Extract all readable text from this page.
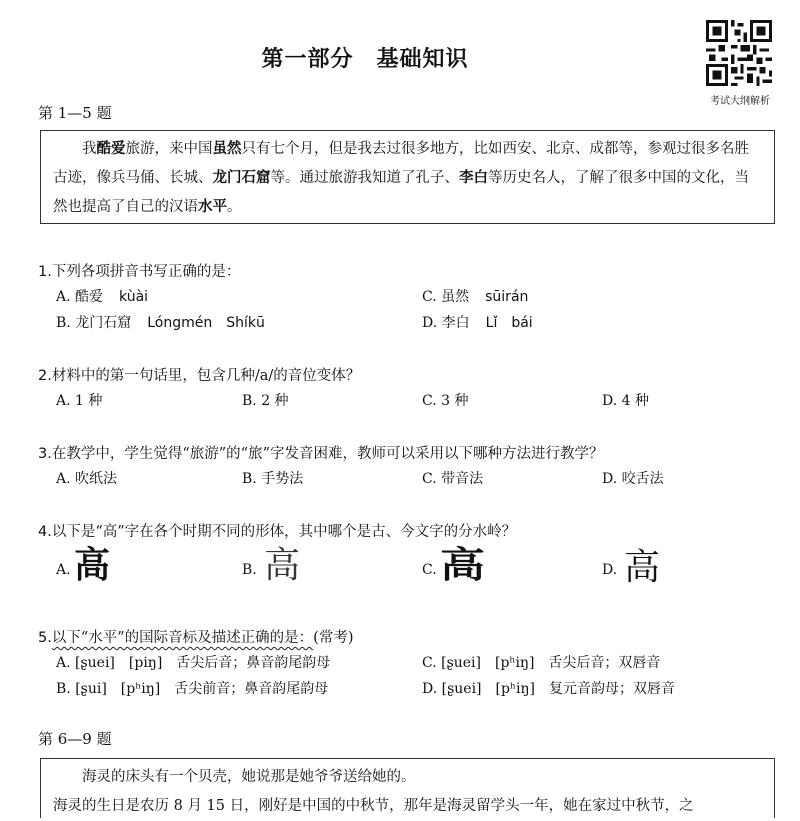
第一部分　基础知识
考试大纲解析
第 1—5 题

我酷爱旅游，来中国虽然只有七个月，但是我去过很多地方，比如西安、北京、成都等，参观过很多名胜古迹，像兵马俑、长城、龙门石窟等。通过旅游我知道了孔子、李白等历史名人，了解了很多中国的文化，当然也提高了自己的汉语水平。

1.下列各项拼音书写正确的是：
A. 酷爱 kùài	C. 虽然 sūirán
B. 龙门石窟 Lóngmén　Shíkū	D. 李白 Lǐ　bái
2.材料中的第一句话里，包含几种/a/的音位变体？
A. 1 种	B. 2 种	C. 3 种	D. 4 种
3.在教学中，学生觉得“旅游”的“旅”字发音困难，教师可以采用以下哪种方法进行教学？
A. 吹纸法	B. 手势法	C. 带音法	D. 咬舌法
4.以下是“高”字在各个时期不同的形体，其中哪个是古、今文字的分水岭？
A. 高	B. 高	C. 高	D. 高
5.以下“水平”的国际音标及描述正确的是：(常考)
A. [ʂuei]　[piŋ]　舌尖后音；鼻音韵尾韵母	C. [ʂuei]　[pʰiŋ]　舌尖后音；双唇音
B. [ʂui]　[pʰiŋ]　舌尖前音；鼻音韵尾韵母	D. [ʂuei]　[pʰiŋ]　复元音韵母；双唇音
第 6—9 题

海灵的床头有一个贝壳，她说那是她爷爷送给她的。

海灵的生日是农历 8 月 15 日，刚好是中国的中秋节，那年是海灵留学头一年，她在家过中秋节，之
